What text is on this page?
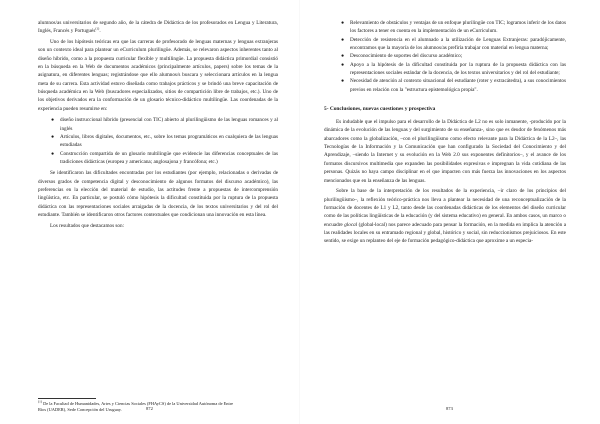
alumnos/as universitarios de segundo año, de la cátedra de Didáctica de los profesorados en Lengua y Literatura, Inglés, Francés y Portugués$^{(1)}$.

Uno de los hipótesis teóricas era que las carreras de profesorado de lenguas maternas y lenguas extranjeras son un contexto ideal para plantear un eCurriculum plurilingüe. Además, se relevaron aspectos inherentes tanto al diseño híbrido, como a la propuesta curricular flexible y multilingüe. La propuesta didáctica primordial consistió en la búsqueda en la Web de documentos académicos (principalmente artículos, papers) sobre los temas de la asignatura, en diferentes lenguas; registrándose que ello alumnos/s buscara y seleccionara artículos en la lengua meta de su carrera. Esta actividad estuvo diseñada como trabajos prácticos y se brindó una breve capacitación de búsqueda académica en la Web (buscadores especializados, sitios de compartición libre de trabajos, etc.). Uno de los objetivos derivados era la conformación de un glosario técnico-didáctico multilingüe. Las coordenadas de la experiencia pueden resumirse en:

● diseño instruccional híbrido (presencial con TIC) abierto al plurilingüismo de las lenguas romances y al inglés
● Artículos, libros digitales, documentos, etc., sobre los temas programáticos en cualquiera de las lenguas estudiadas
● Construcción compartida de un glosario multilingüe que evidencie las diferencias conceptuales de las tradiciones didácticas (europea y americana; anglosajona y francófona; etc.)

Se identificaron las dificultades encontradas por los estudiantes (por ejemplo, relacionadas o derivadas de diversos grados de competencia digital y desconocimiento de algunos formatos del discurso académico), las preferencias en la elección del material de estudio, las actitudes frente a propuestas de intercomprensión lingüística, etc. En particular, se postuló cómo hipótesis la dificultad constituida por la ruptura de la propuesta didáctica con las representaciones sociales arraigadas de la docencia, de los textos universitarios y del rol del estudiante. También se identificaron otros factores contextuales que condicionan una innovación en esta línea.

Los resultados que destacamos son:

$^{(1)}$ De la Facultad de Humanidades, Artes y Ciencias Sociales (FHAyCS) de la Universidad Autónoma de Entre Ríos (UADER), Sede Concepción del Uruguay.	872
● Relevamiento de obstáculos y ventajas de un enfoque plurilingüe con TIC; logramos inferir de los datos los factores a tener en cuenta en la implementación de un eCurriculum.
● Detección de resistencia en el alumnado a la utilización de Lenguas Extranjeras: paradójicamente, encontramos que la mayoría de los alumnos/as prefiría trabajar con material en lengua materna;
● Desconocimiento de soportes del discurso académico;
● Apoyo a la hipótesis de la dificultad constituida por la ruptura de la propuesta didáctica con las representaciones sociales estándar de la docencia, de los textos universitarios y del rol del estudiante;
● Necesidad de atención al contexto situacional del estudiante (roter y extracátedra), a sus conocimientos previos en relación con la "estructura epistemológica propia".
5- Conclusiones, nuevas cuestiones y prospectiva

Es indudable que el impulso para el desarrollo de la Didáctica de L2 no es solo inmanente, -producido por la dinámica de la evolución de las lenguas y del surgimiento de su enseñanza-, sino que es deudor de fenómenos más abarcadores como la globalización, –con el plurilingüismo como efecto relevante para la Didáctica de la L2–, las Tecnologías de la Información y la Comunicación que han configurado la Sociedad del Conocimiento y del Aprendizaje, –siendo la Internet y su evolución en la Web 2.0 sus exponentes definitorios–, y el avance de los formatos discursivos multimedia que expanden las posibilidades expresivas e impregnan la vida cotidiana de las personas. Quizás no haya campo disciplinar en el que impacten con más fuerza las innovaciones en los aspectos mencionados que en la enseñanza de las lenguas.

Sobre la base de la interpretación de los resultados de la experiencia, –ir claro de los principios del plurilingüismo–, la reflexión teórico-práctica nos lleva a plantear la necesidad de una reconceptualización de la formación de docentes de L1 y L2, tanto desde las coordenadas didácticas de los elementos del diseño curricular como de las políticas lingüísticas de la educación (y del sistema educativo) en general. En ambos casos, un marco o encuadre glocal (global-local) nos parece adecuado para pensar la formación, en la medida en implica la atención a las realidades locales en su entramado regional y global, histórico y social, sin reduccionismos prejuiciosos. En este sentido, se exige un replanteo del eje de formación pedagógico-didáctica que aproxime a un especia-

873
